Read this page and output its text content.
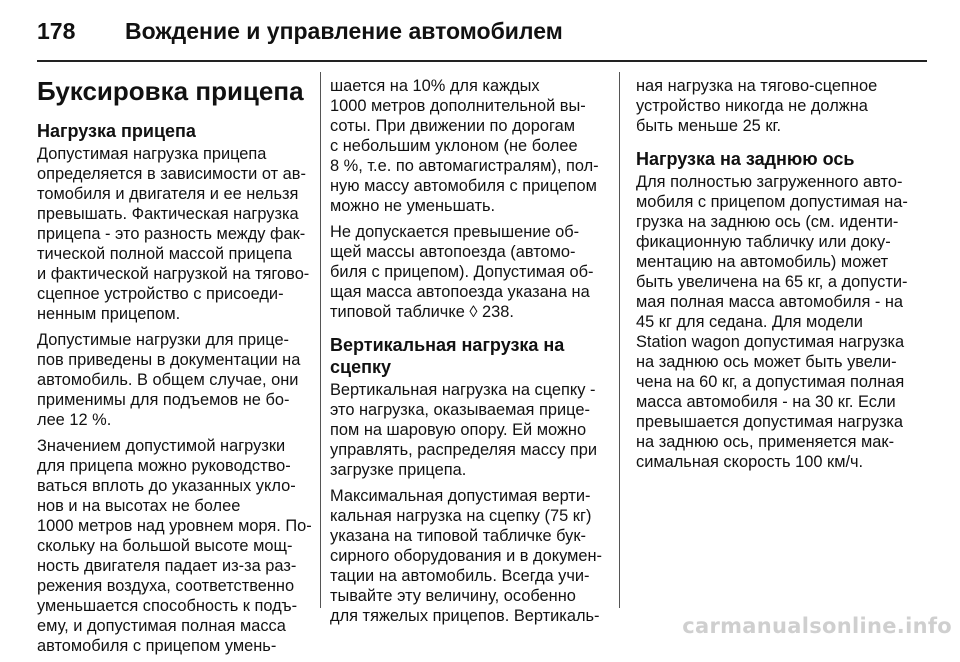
178 Вождение и управление автомобилем
Буксировка прицепа
Нагрузка прицепа

Допустимая нагрузка прицепа
определяется в зависимости от ав-
томобиля и двигателя и ее нельзя
превышать. Фактическая нагрузка
прицепа - это разность между фак-
тической полной массой прицепа
и фактической нагрузкой на тягово-
сцепное устройство с присоеди-
ненным прицепом.

Допустимые нагрузки для прице-
пов приведены в документации на
автомобиль. В общем случае, они
применимы для подъемов не бо-
лее 12 %.

Значением допустимой нагрузки
для прицепа можно руководство-
ваться вплоть до указанных укло-
нов и на высотах не более
1000 метров над уровнем моря. По-
скольку на большой высоте мощ-
ность двигателя падает из-за раз-
режения воздуха, соответственно
уменьшается способность к подъ-
ему, и допустимая полная масса
автомобиля с прицепом умень-

шается на 10% для каждых
1000 метров дополнительной вы-
соты. При движении по дорогам
с небольшим уклоном (не более
8 %, т.е. по автомагистралям), пол-
ную массу автомобиля с прицепом
можно не уменьшать.

Не допускается превышение об-
щей массы автопоезда (автомо-
биля с прицепом). Допустимая об-
щая масса автопоезда указана на
типовой табличке ◊ 238.

Вертикальная нагрузка на
сцепку

Вертикальная нагрузка на сцепку -
это нагрузка, оказываемая прице-
пом на шаровую опору. Ей можно
управлять, распределяя массу при
загрузке прицепа.

Максимальная допустимая верти-
кальная нагрузка на сцепку (75 кг)
указана на типовой табличке бук-
сирного оборудования и в докумен-
тации на автомобиль. Всегда учи-
тывайте эту величину, особенно
для тяжелых прицепов. Вертикаль-

ная нагрузка на тягово-сцепное
устройство никогда не должна
быть меньше 25 кг.

Нагрузка на заднюю ось

Для полностью загруженного авто-
мобиля с прицепом допустимая на-
грузка на заднюю ось (см. иденти-
фикационную табличку или доку-
ментацию на автомобиль) может
быть увеличена на 65 кг, а допусти-
мая полная масса автомобиля - на
45 кг для седана. Для модели
Station wagon допустимая нагрузка
на заднюю ось может быть увели-
чена на 60 кг, а допустимая полная
масса автомобиля - на 30 кг. Если
превышается допустимая нагрузка
на заднюю ось, применяется мак-
симальная скорость 100 км/ч.

carmanualsonline.info
